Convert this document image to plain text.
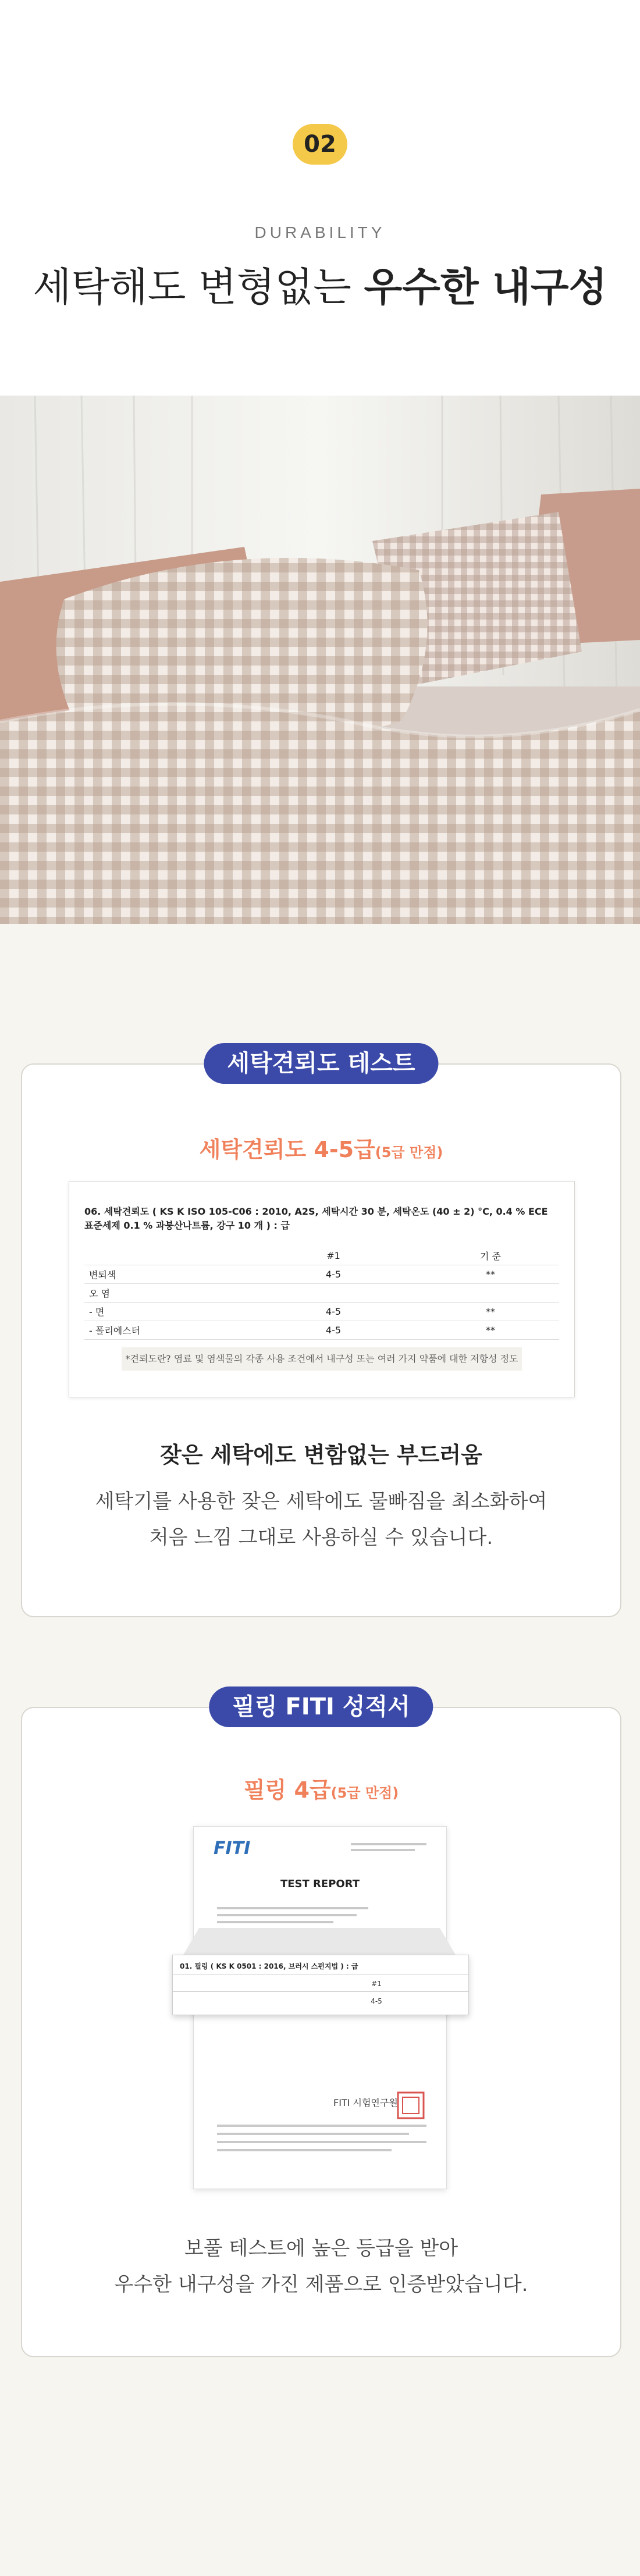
02
DURABILITY
세탁해도 변형없는 우수한 내구성
세탁견뢰도 테스트
세탁견뢰도 4-5급(5급 만점)
06. 세탁견뢰도 ( KS K ISO 105-C06 : 2010, A2S, 세탁시간 30 분, 세탁온도 (40 ± 2) °C, 0.4 % ECE 표준세제 0.1 % 과붕산나트륨, 강구 10 개 ) : 급
	#1	기 준
변퇴색	4-5	**
오 염		
- 면	4-5	**
- 폴리에스터	4-5	**
*견뢰도란? 염료 및 염색물의 각종 사용 조건에서 내구성 또는 여러 가지 약품에 대한 저항성 정도
잦은 세탁에도 변함없는 부드러움
세탁기를 사용한 잦은 세탁에도 물빠짐을 최소화하여
처음 느낌 그대로 사용하실 수 있습니다.
필링 FITI 성적서
필링 4급(5급 만점)
FITI
TEST REPORT
FITI 시험연구원
01. 필링 ( KS K 0501 : 2016, 브러시 스펀지법 ) : 급
#1
4-5
보풀 테스트에 높은 등급을 받아
우수한 내구성을 가진 제품으로 인증받았습니다.
